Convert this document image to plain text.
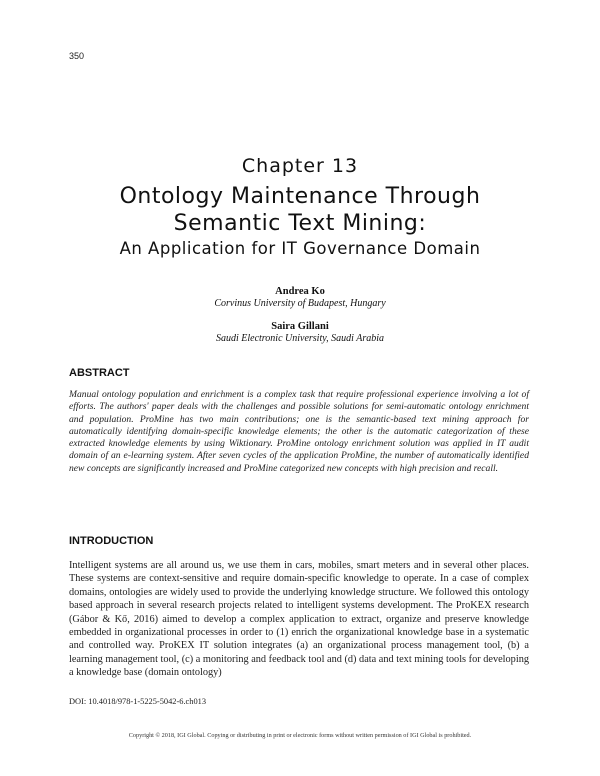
350
Chapter 13
Ontology Maintenance Through
Semantic Text Mining:
An Application for IT Governance Domain
Andrea Ko
Corvinus University of Budapest, Hungary
Saira Gillani
Saudi Electronic University, Saudi Arabia
ABSTRACT
Manual ontology population and enrichment is a complex task that require professional experience involving a lot of efforts. The authors' paper deals with the challenges and possible solutions for semi-automatic ontology enrichment and population. ProMine has two main contributions; one is the semantic-based text mining approach for automatically identifying domain-specific knowledge elements; the other is the automatic categorization of these extracted knowledge elements by using Wiktionary. ProMine ontology enrichment solution was applied in IT audit domain of an e-learning system. After seven cycles of the application ProMine, the number of automatically identified new concepts are significantly increased and ProMine categorized new concepts with high precision and recall.
INTRODUCTION
Intelligent systems are all around us, we use them in cars, mobiles, smart meters and in several other places. These systems are context-sensitive and require domain-specific knowledge to operate. In a case of complex domains, ontologies are widely used to provide the underlying knowledge structure. We followed this ontology based approach in several research projects related to intelligent systems development. The ProKEX research (Gábor & Kő, 2016) aimed to develop a complex application to extract, organize and preserve knowledge embedded in organizational processes in order to (1) enrich the organizational knowledge base in a systematic and controlled way. ProKEX IT solution integrates (a) an organizational process management tool, (b) a learning management tool, (c) a monitoring and feedback tool and (d) data and text mining tools for developing a knowledge base (domain ontology)
DOI: 10.4018/978-1-5225-5042-6.ch013
Copyright © 2018, IGI Global. Copying or distributing in print or electronic forms without written permission of IGI Global is prohibited.
